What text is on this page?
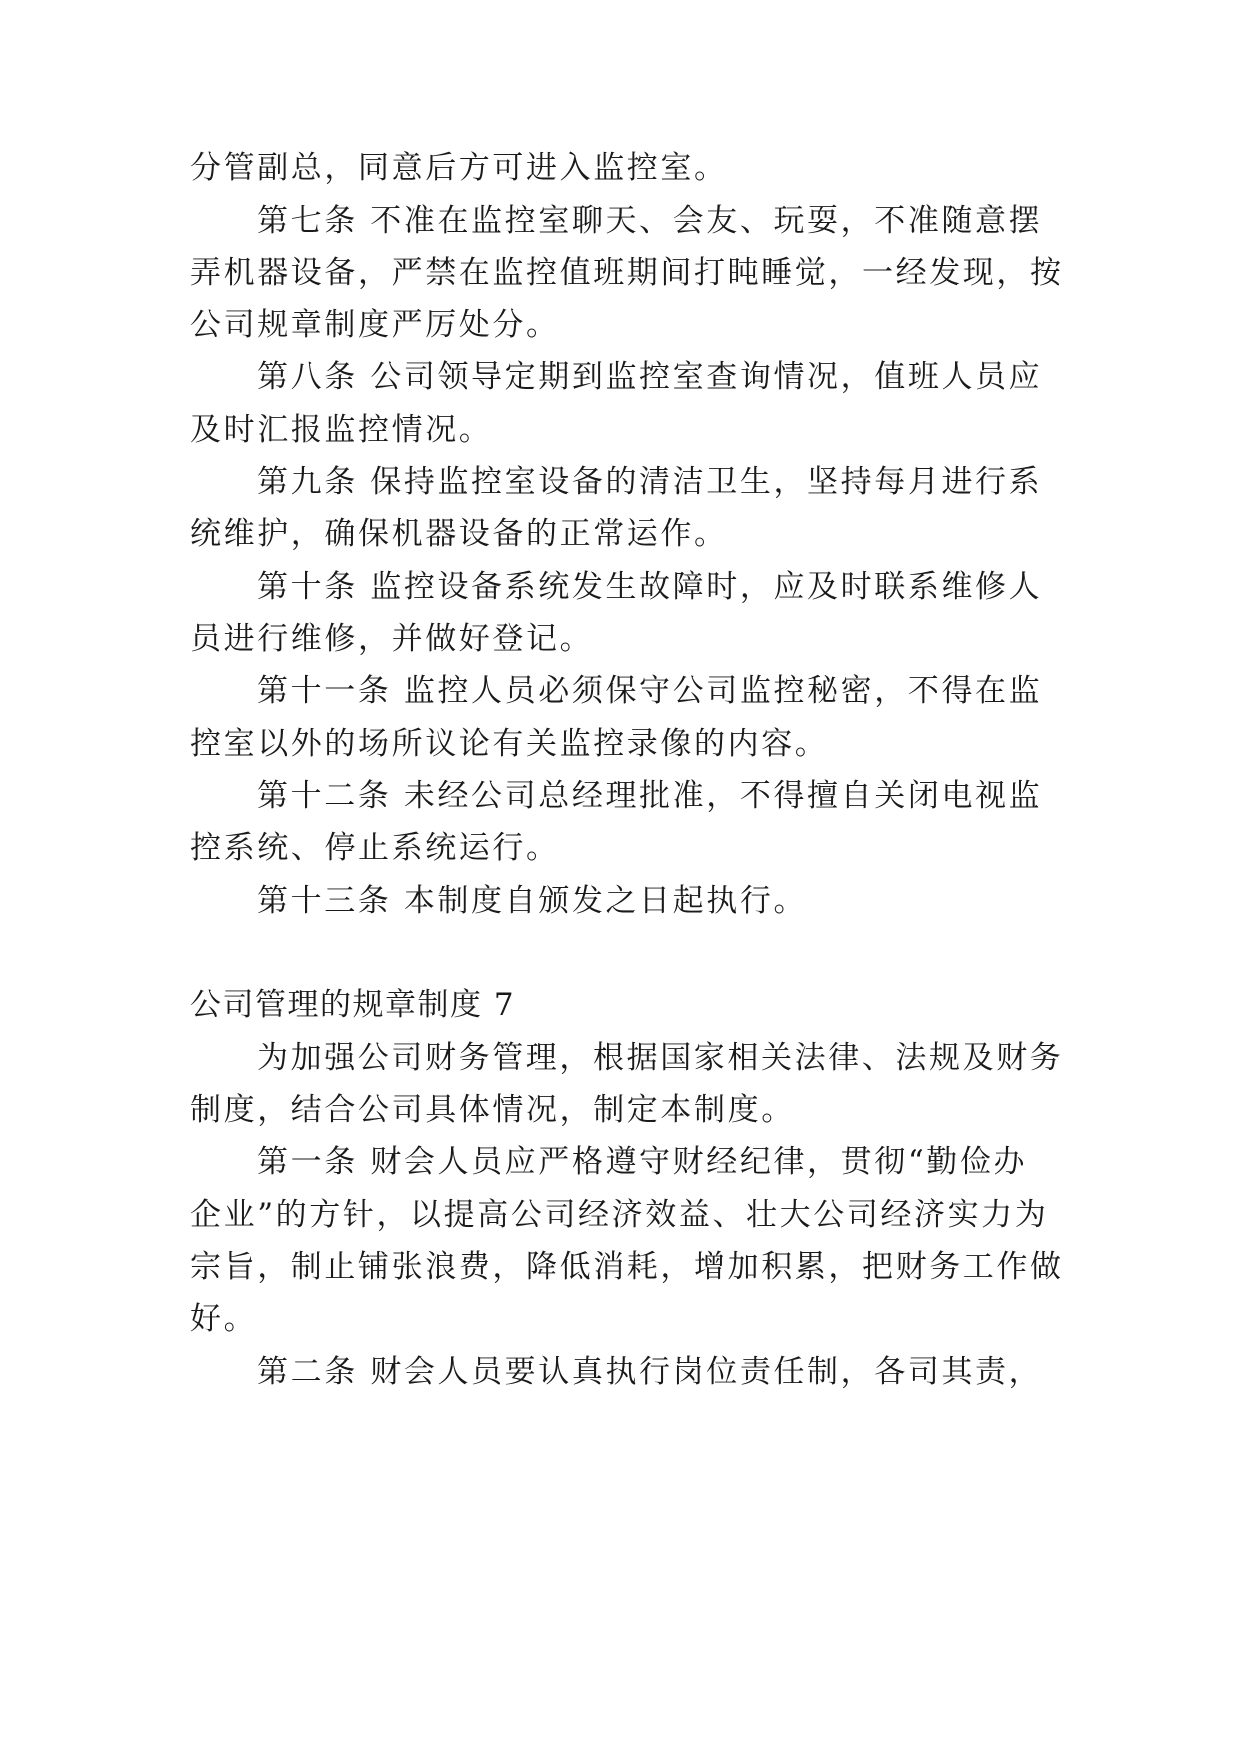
分管副总，同意后方可进入监控室。
第七条 不准在监控室聊天、会友、玩耍，不准随意摆
弄机器设备，严禁在监控值班期间打盹睡觉，一经发现，按
公司规章制度严厉处分。
第八条 公司领导定期到监控室查询情况，值班人员应
及时汇报监控情况。
第九条 保持监控室设备的清洁卫生，坚持每月进行系
统维护，确保机器设备的正常运作。
第十条 监控设备系统发生故障时，应及时联系维修人
员进行维修，并做好登记。
第十一条 监控人员必须保守公司监控秘密，不得在监
控室以外的场所议论有关监控录像的内容。
第十二条 未经公司总经理批准，不得擅自关闭电视监
控系统、停止系统运行。
第十三条 本制度自颁发之日起执行。
公司管理的规章制度 7
为加强公司财务管理，根据国家相关法律、法规及财务
制度，结合公司具体情况，制定本制度。
第一条 财会人员应严格遵守财经纪律，贯彻“勤俭办
企业”的方针，以提高公司经济效益、壮大公司经济实力为
宗旨，制止铺张浪费，降低消耗，增加积累，把财务工作做
好。
第二条 财会人员要认真执行岗位责任制，各司其责，
